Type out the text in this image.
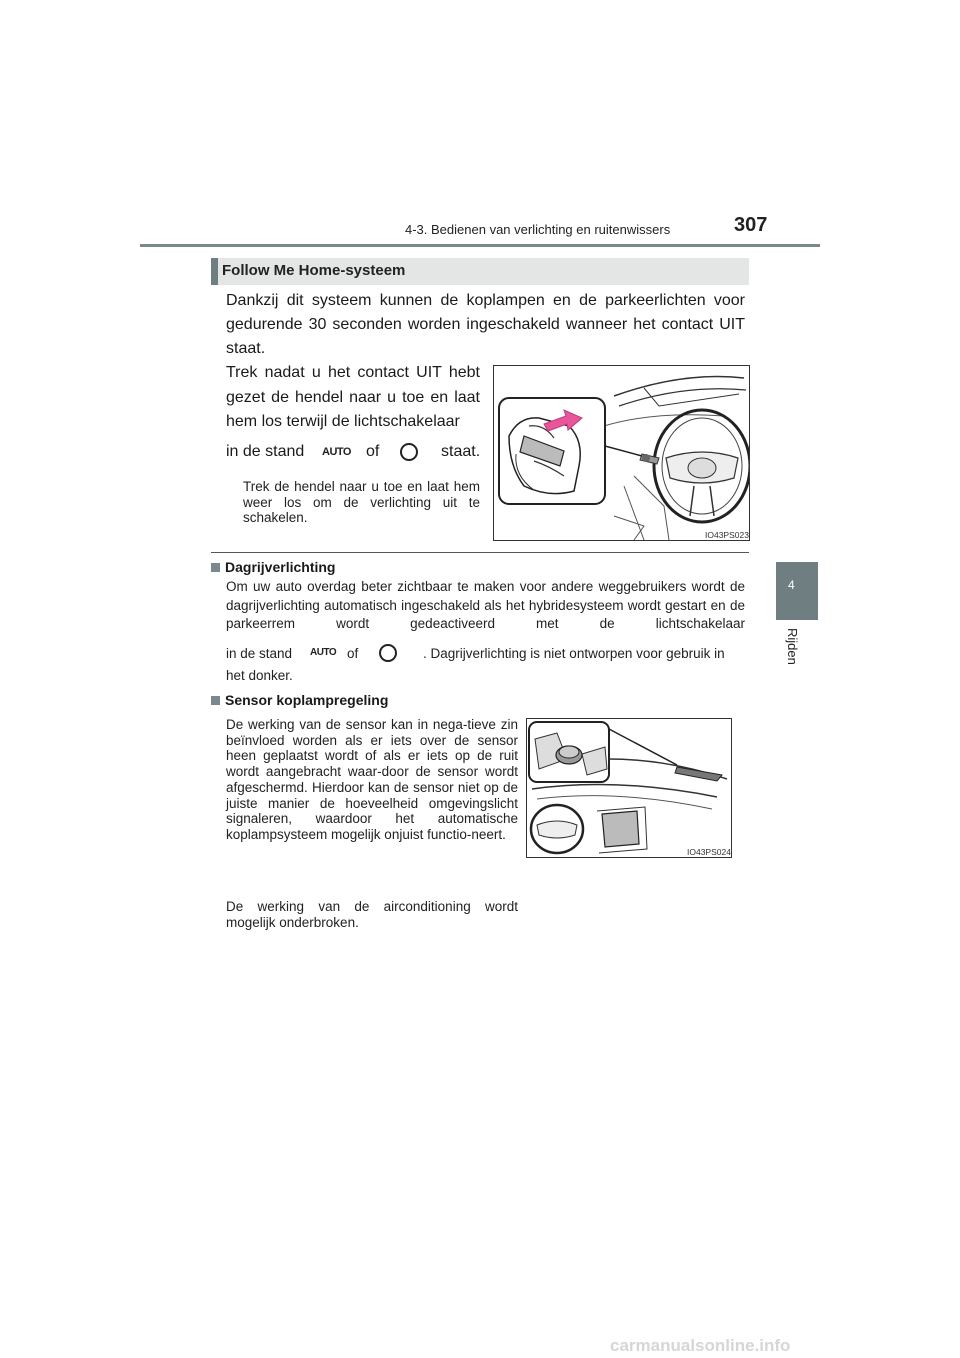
4-3. Bedienen van verlichting en ruitenwissers	307
4
Rijden
Follow Me Home-systeem
Dankzij dit systeem kunnen de koplampen en de parkeerlichten voor gedurende 30 seconden worden ingeschakeld wanneer het contact UIT staat.
Trek nadat u het contact UIT hebt gezet de hendel naar u toe en laat hem los terwijl de lichtschakelaar
in de stand AUTO of	staat.
Trek de hendel naar u toe en laat hem weer los om de verlichting uit te schakelen.
IO43PS023
Dagrijverlichting
Om uw auto overdag beter zichtbaar te maken voor andere weggebruikers wordt de dagrijverlichting automatisch ingeschakeld als het hybridesysteem wordt gestart en de parkeerrem wordt gedeactiveerd met de lichtschakelaar
in de stand AUTO of	. Dagrijverlichting is niet ontworpen voor gebruik in
het donker.
Sensor koplampregeling
De werking van de sensor kan in nega-tieve zin beïnvloed worden als er iets over de sensor heen geplaatst wordt of als er iets op de ruit wordt aangebracht waar-door de sensor wordt afgeschermd. Hierdoor kan de sensor niet op de juiste manier de hoeveelheid omgevingslicht signaleren, waardoor het automatische koplampsysteem mogelijk onjuist functio-neert.
De werking van de airconditioning wordt mogelijk onderbroken.
IO43PS024
carmanualsonline.info
